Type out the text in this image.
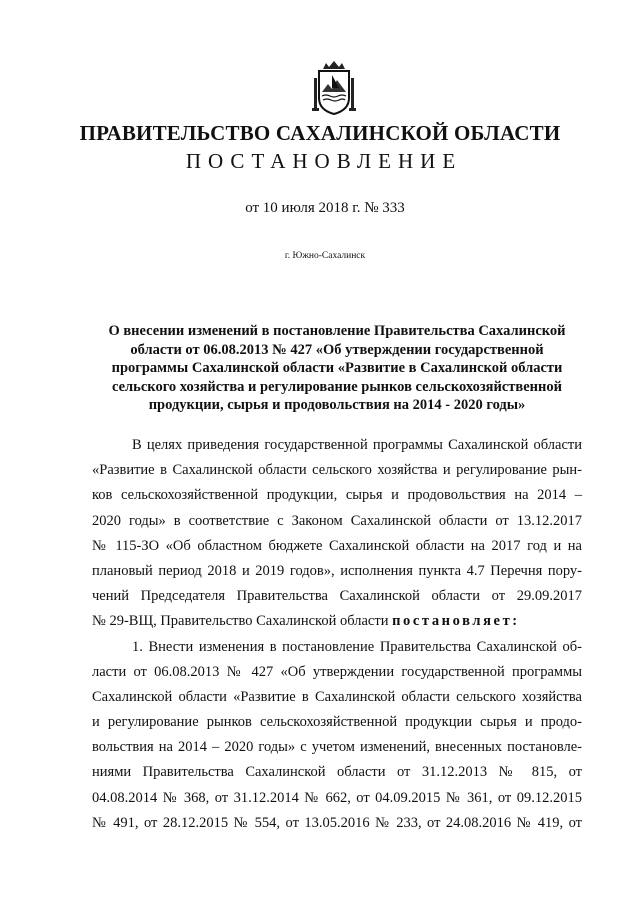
ПРАВИТЕЛЬСТВО САХАЛИНСКОЙ ОБЛАСТИ
ПОСТАНОВЛЕНИЕ
от 10 июля 2018 г. № 333
г. Южно-Сахалинск
О внесении изменений в постановление Правительства Сахалинской
области от 06.08.2013 № 427 «Об утверждении государственной
программы Сахалинской области «Развитие в Сахалинской области
сельского хозяйства и регулирование рынков сельскохозяйственной
продукции, сырья и продовольствия на 2014 - 2020 годы»
В целях приведения государственной программы Сахалинской области
«Развитие в Сахалинской области сельского хозяйства и регулирование рын-
ков сельскохозяйственной продукции, сырья и продовольствия на 2014 –
2020 годы» в соответствие с Законом Сахалинской области от 13.12.2017
№ 115-ЗО «Об областном бюджете Сахалинской области на 2017 год и на
плановый период 2018 и 2019 годов», исполнения пункта 4.7 Перечня пору-
чений Председателя Правительства Сахалинской области от 29.09.2017
№ 29-ВЩ, Правительство Сахалинской области постановляет:
1. Внести изменения в постановление Правительства Сахалинской об-
ласти от 06.08.2013 № 427 «Об утверждении государственной программы
Сахалинской области «Развитие в Сахалинской области сельского хозяйства
и регулирование рынков сельскохозяйственной продукции сырья и продо-
вольствия на 2014 – 2020 годы» с учетом изменений, внесенных постановле-
ниями Правительства Сахалинской области от 31.12.2013 № 815, от
04.08.2014 № 368, от 31.12.2014 № 662, от 04.09.2015 № 361, от 09.12.2015
№ 491, от 28.12.2015 № 554, от 13.05.2016 № 233, от 24.08.2016 № 419, от
